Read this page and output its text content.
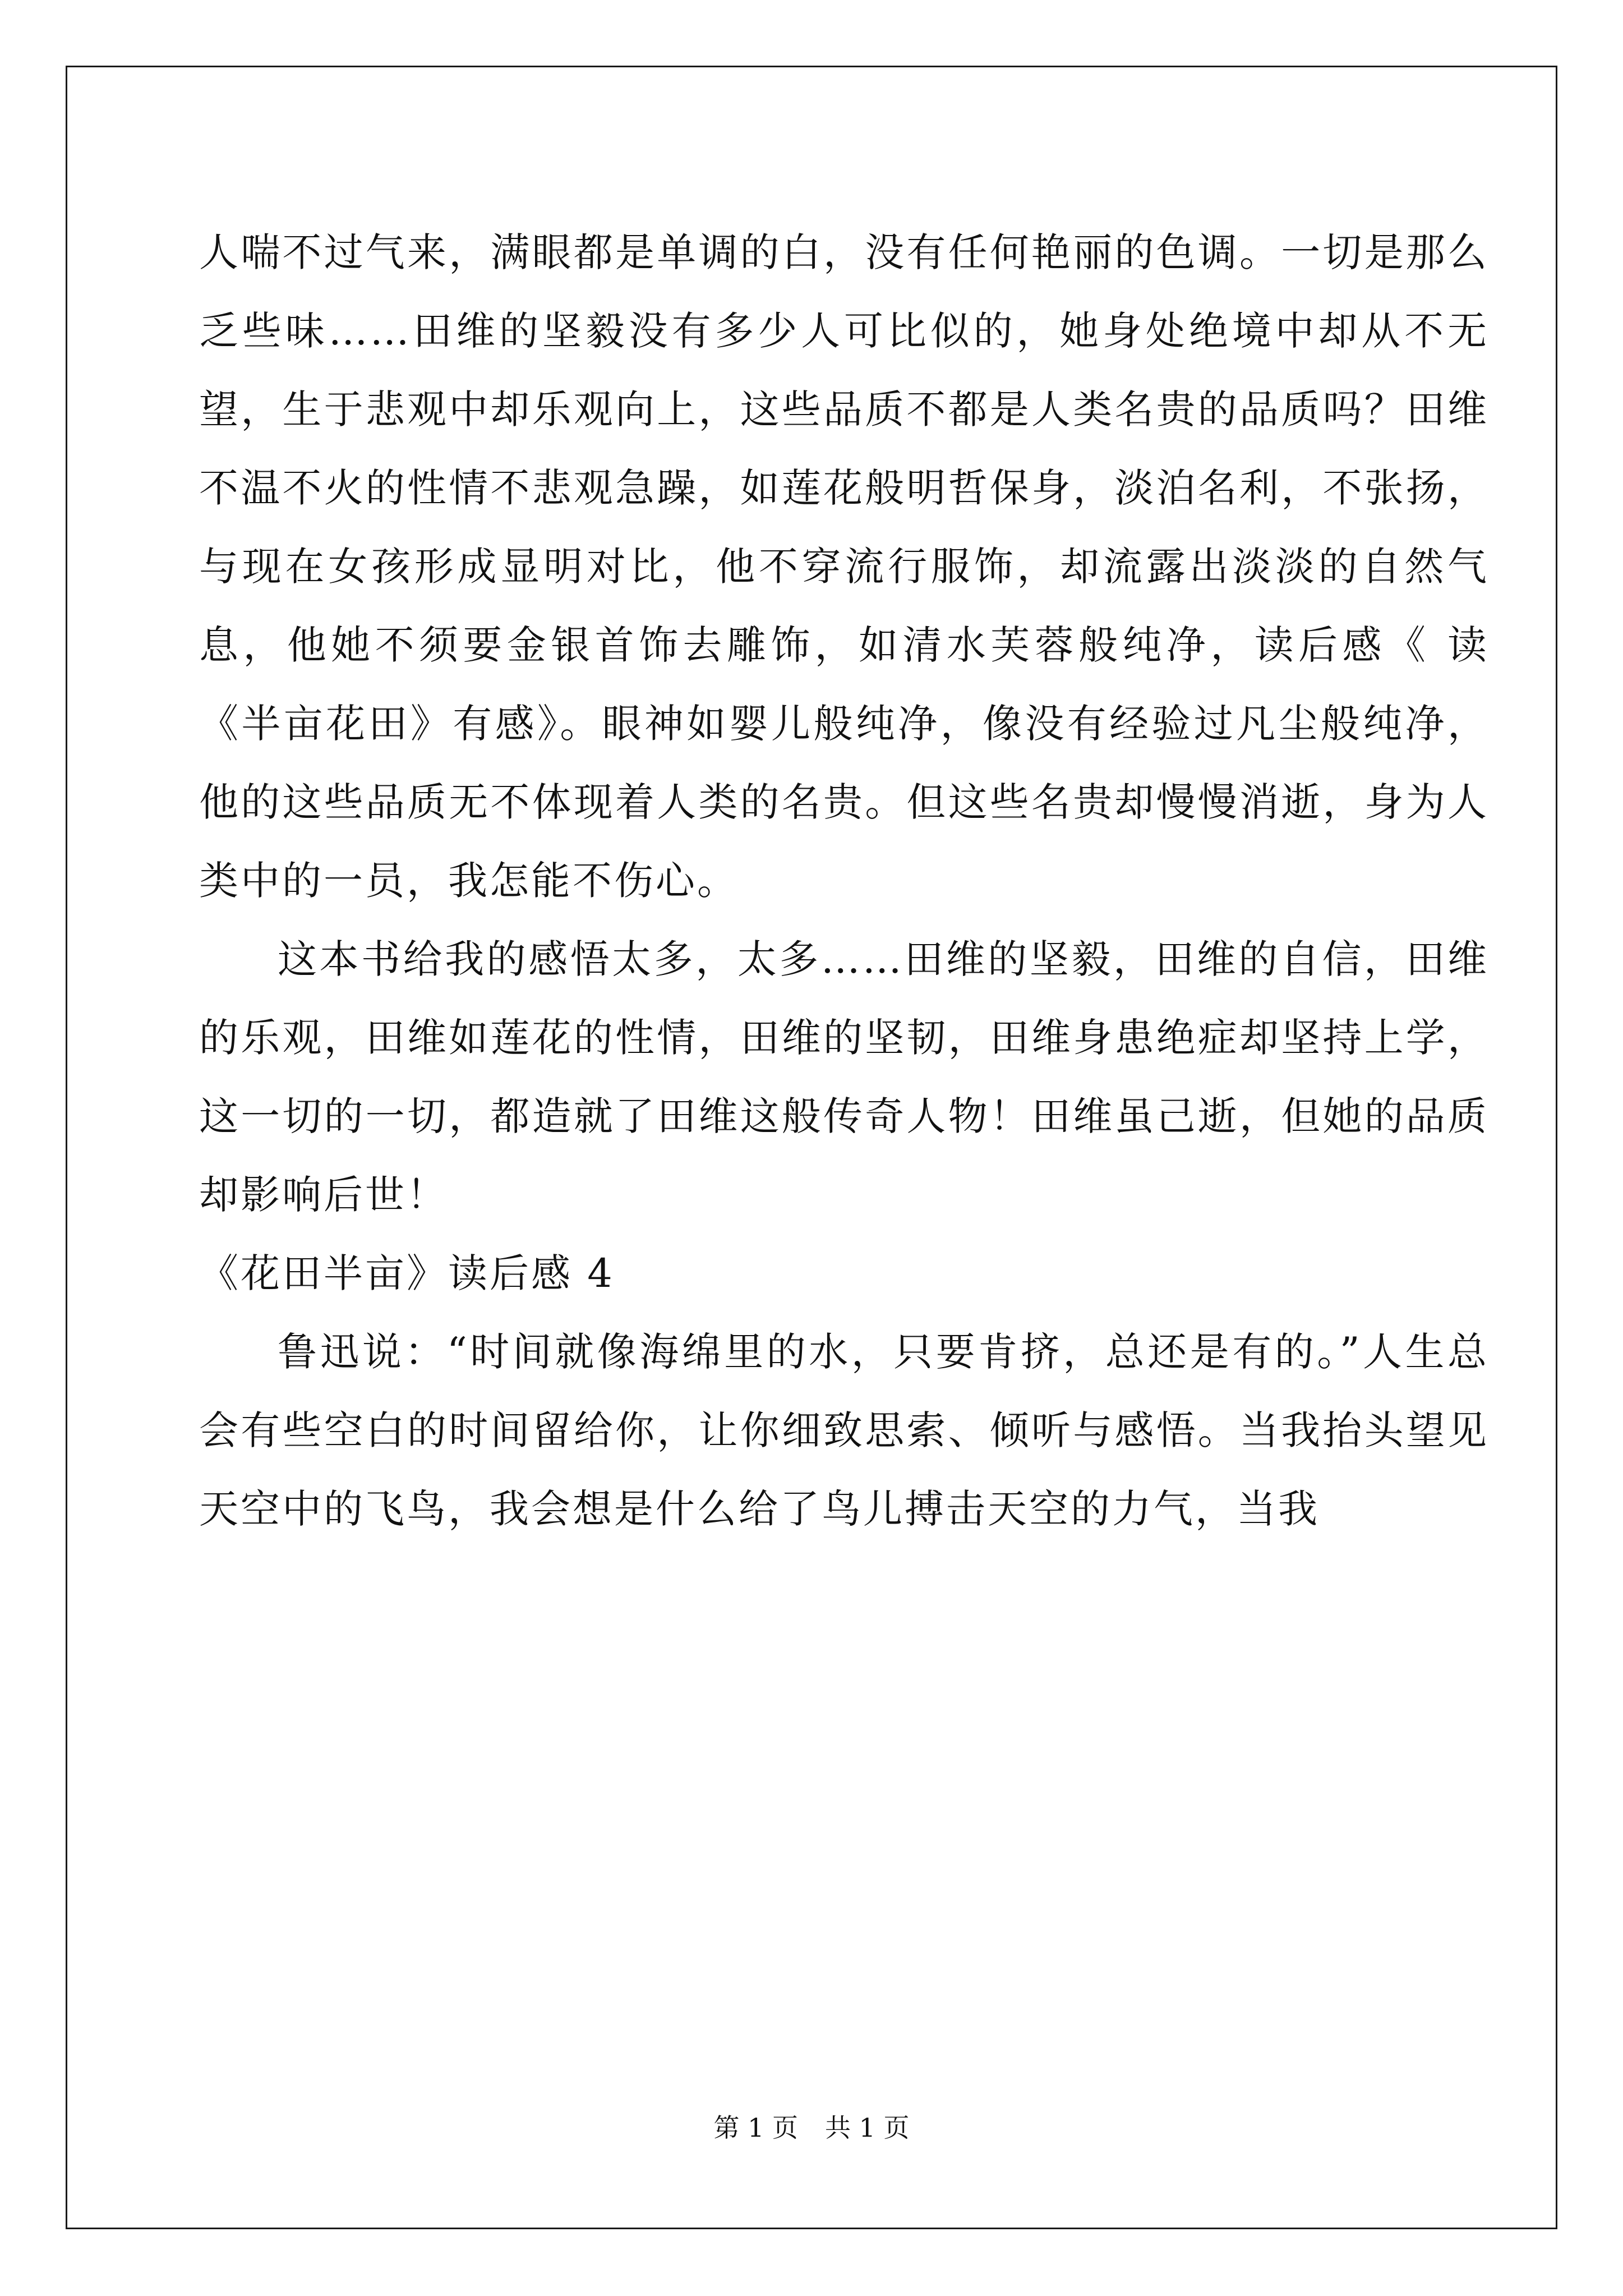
人喘不过气来，满眼都是单调的白，没有任何艳丽的色调。一切是那么乏些味……田维的坚毅没有多少人可比似的，她身处绝境中却从不无望，生于悲观中却乐观向上，这些品质不都是人类名贵的品质吗？田维不温不火的性情不悲观急躁，如莲花般明哲保身，淡泊名利，不张扬，与现在女孩形成显明对比，他不穿流行服饰，却流露出淡淡的自然气息，他她不须要金银首饰去雕饰，如清水芙蓉般纯净，读后感《 读《半亩花田》有感》。眼神如婴儿般纯净，像没有经验过凡尘般纯净，他的这些品质无不体现着人类的名贵。但这些名贵却慢慢消逝，身为人类中的一员，我怎能不伤心。

这本书给我的感悟太多，太多……田维的坚毅，田维的自信，田维的乐观，田维如莲花的性情，田维的坚韧，田维身患绝症却坚持上学，这一切的一切，都造就了田维这般传奇人物！田维虽己逝，但她的品质却影响后世！

《花田半亩》读后感 4

鲁迅说：“时间就像海绵里的水，只要肯挤，总还是有的。”人生总会有些空白的时间留给你，让你细致思索、倾听与感悟。当我抬头望见天空中的飞鸟，我会想是什么给了鸟儿搏击天空的力气，当我

第 1 页 共 1 页
